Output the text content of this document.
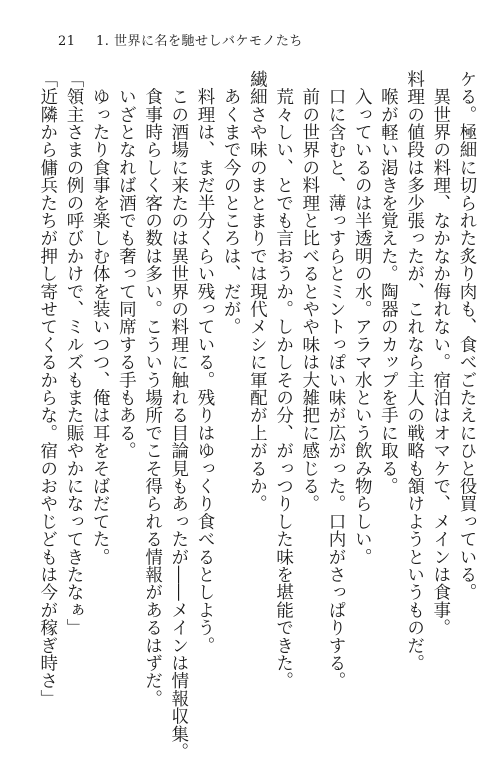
21 1. 世界に名を馳せしバケモノたち
ケる。極細に切られた炙り肉も、食べごたえにひと役買っている。
　異世界の料理、なかなか侮れない。宿泊はオマケで、メインは食事。
料理の値段は多少張ったが、これなら主人の戦略も頷けようというものだ。
　喉が軽い渇きを覚えた。陶器のカップを手に取る。
　入っているのは半透明の水。アラマ水という飲み物らしい。
　口に含むと、薄っすらとミントっぽい味が広がった。口内がさっぱりする。
　前の世界の料理と比べるとやや味は大雑把に感じる。
　荒々しい、とでも言おうか。しかしその分、がっつりした味を堪能できた。
繊細さや味のまとまりでは現代メシに軍配が上がるか。
　あくまで今のところは、だが。
　料理は、まだ半分くらい残っている。残りはゆっくり食べるとしよう。
　この酒場に来たのは異世界の料理に触れる目論見もあったが――メインは情報収集。
　食事時らしく客の数は多い。こういう場所でこそ得られる情報があるはずだ。
　いざとなれば酒でも奢って同席する手もある。
　ゆったり食事を楽しむ体を装いつつ、俺は耳をそばだてた。
「領主さまの例の呼びかけで、ミルズもまた賑やかになってきたなぁ」
「近隣から傭兵たちが押し寄せてくるからな。宿のおやじどもは今が稼ぎ時さ」
